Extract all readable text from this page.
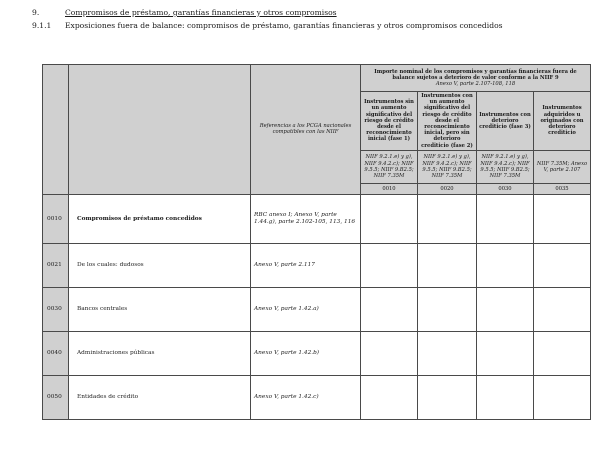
9.	Compromisos de préstamo, garantías financieras y otros compromisos
9.1.1 Exposiciones fuera de balance: compromisos de préstamo, garantías financieras y otros compromisos concedidos
		Referencias a los PCGA nacionales compatibles con las NIIF	Importe nominal de los compromisos y garantías financieras fuera de balance sujetos a deterioro de valor conforme a la NIIF 9
Anexo V, parte 2.107-108, 118			

			Instrumentos sin un aumento significativo del riesgo de crédito desde el reconocimiento inicial (fase 1)	Instrumentos con un aumento significativo del riesgo de crédito desde el reconocimiento inicial, pero sin deterioro crediticio (fase 2)	Instrumentos con deterioro crediticio (fase 3)	Instrumentos adquiridos u originados con deterioro crediticio
			NIIF 9.2.1.e) y g), NIIF 9.4.2.c); NIIF 9.5.5; NIIF 9.B2.5; NIIF 7.35M	NIIF 9.2.1.e) y g), NIIF 9.4.2.c); NIIF 9.5.5; NIIF 9.B2.5; NIIF 7.35M	NIIF 9.2.1.e) y g), NIIF 9.4.2.c); NIIF 9.5.5; NIIF 9.B2.5; NIIF 7.35M	NIIF 7.35M; Anexo V, parte 2.107
			0010	0020	0030	0035
0010	Compromisos de préstamo concedidos	RBC anexo I; Anexo V, parte 1.44.g), parte 2.102-105, 113, 116				
0021	De los cuales: dudosos	Anexo V, parte 2.117				
0030	Bancos centrales	Anexo V, parte 1.42.a)				
0040	Administraciones públicas	Anexo V, parte 1.42.b)				
0050	Entidades de crédito	Anexo V, parte 1.42.c)				
